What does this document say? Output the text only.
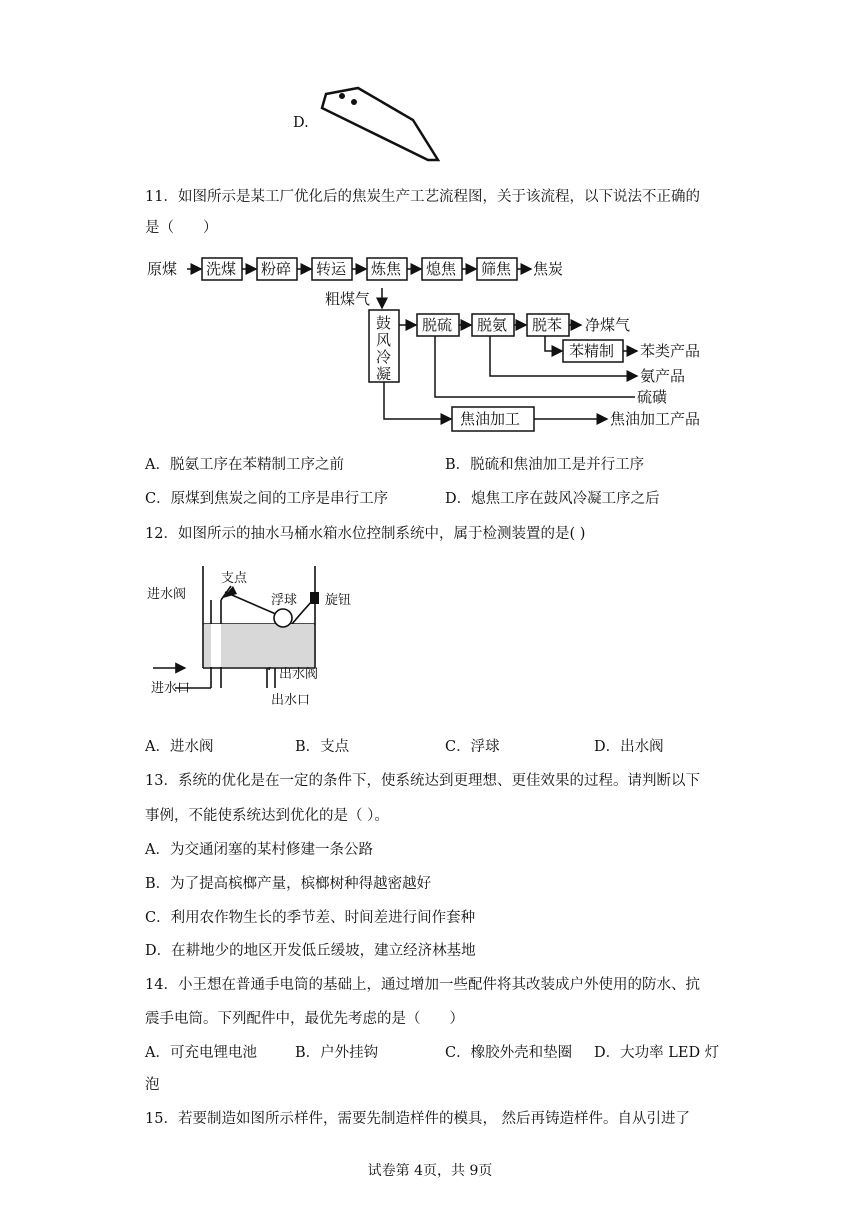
D.
11．如图所示是某工厂优化后的焦炭生产工艺流程图，关于该流程，以下说法不正确的
是（　　）
原煤 洗煤 粉碎 转运 炼焦 熄焦 筛焦 焦炭
粗煤气
鼓
风
冷
凝
脱硫 脱氨 脱苯 净煤气
苯精制 苯类产品
氨产品
硫磺
焦油加工	焦油加工产品
A．脱氨工序在苯精制工序之前	B．脱硫和焦油加工是并行工序
C．原煤到焦炭之间的工序是串行工序	D．熄焦工序在鼓风冷凝工序之后
12．如图所示的抽水马桶水箱水位控制系统中，属于检测装置的是( )
进水阀
支点
浮球 旋钮
出水阀
进水口
出水口
A．进水阀	B．支点	C．浮球	D．出水阀
13．系统的优化是在一定的条件下，使系统达到更理想、更佳效果的过程。请判断以下
事例，不能使系统达到优化的是（ ）。
A．为交通闭塞的某村修建一条公路
B．为了提高槟榔产量，槟榔树种得越密越好
C．利用农作物生长的季节差、时间差进行间作套种
D．在耕地少的地区开发低丘缓坡，建立经济林基地
14．小王想在普通手电筒的基础上，通过增加一些配件将其改装成户外使用的防水、抗
震手电筒。下列配件中，最优先考虑的是（　　）
A．可充电锂电池	B．户外挂钩	C．橡胶外壳和垫圈 D．大功率 LED 灯
泡
15．若要制造如图所示样件，需要先制造样件的模具， 然后再铸造样件。自从引进了
试卷第 4页，共 9页
